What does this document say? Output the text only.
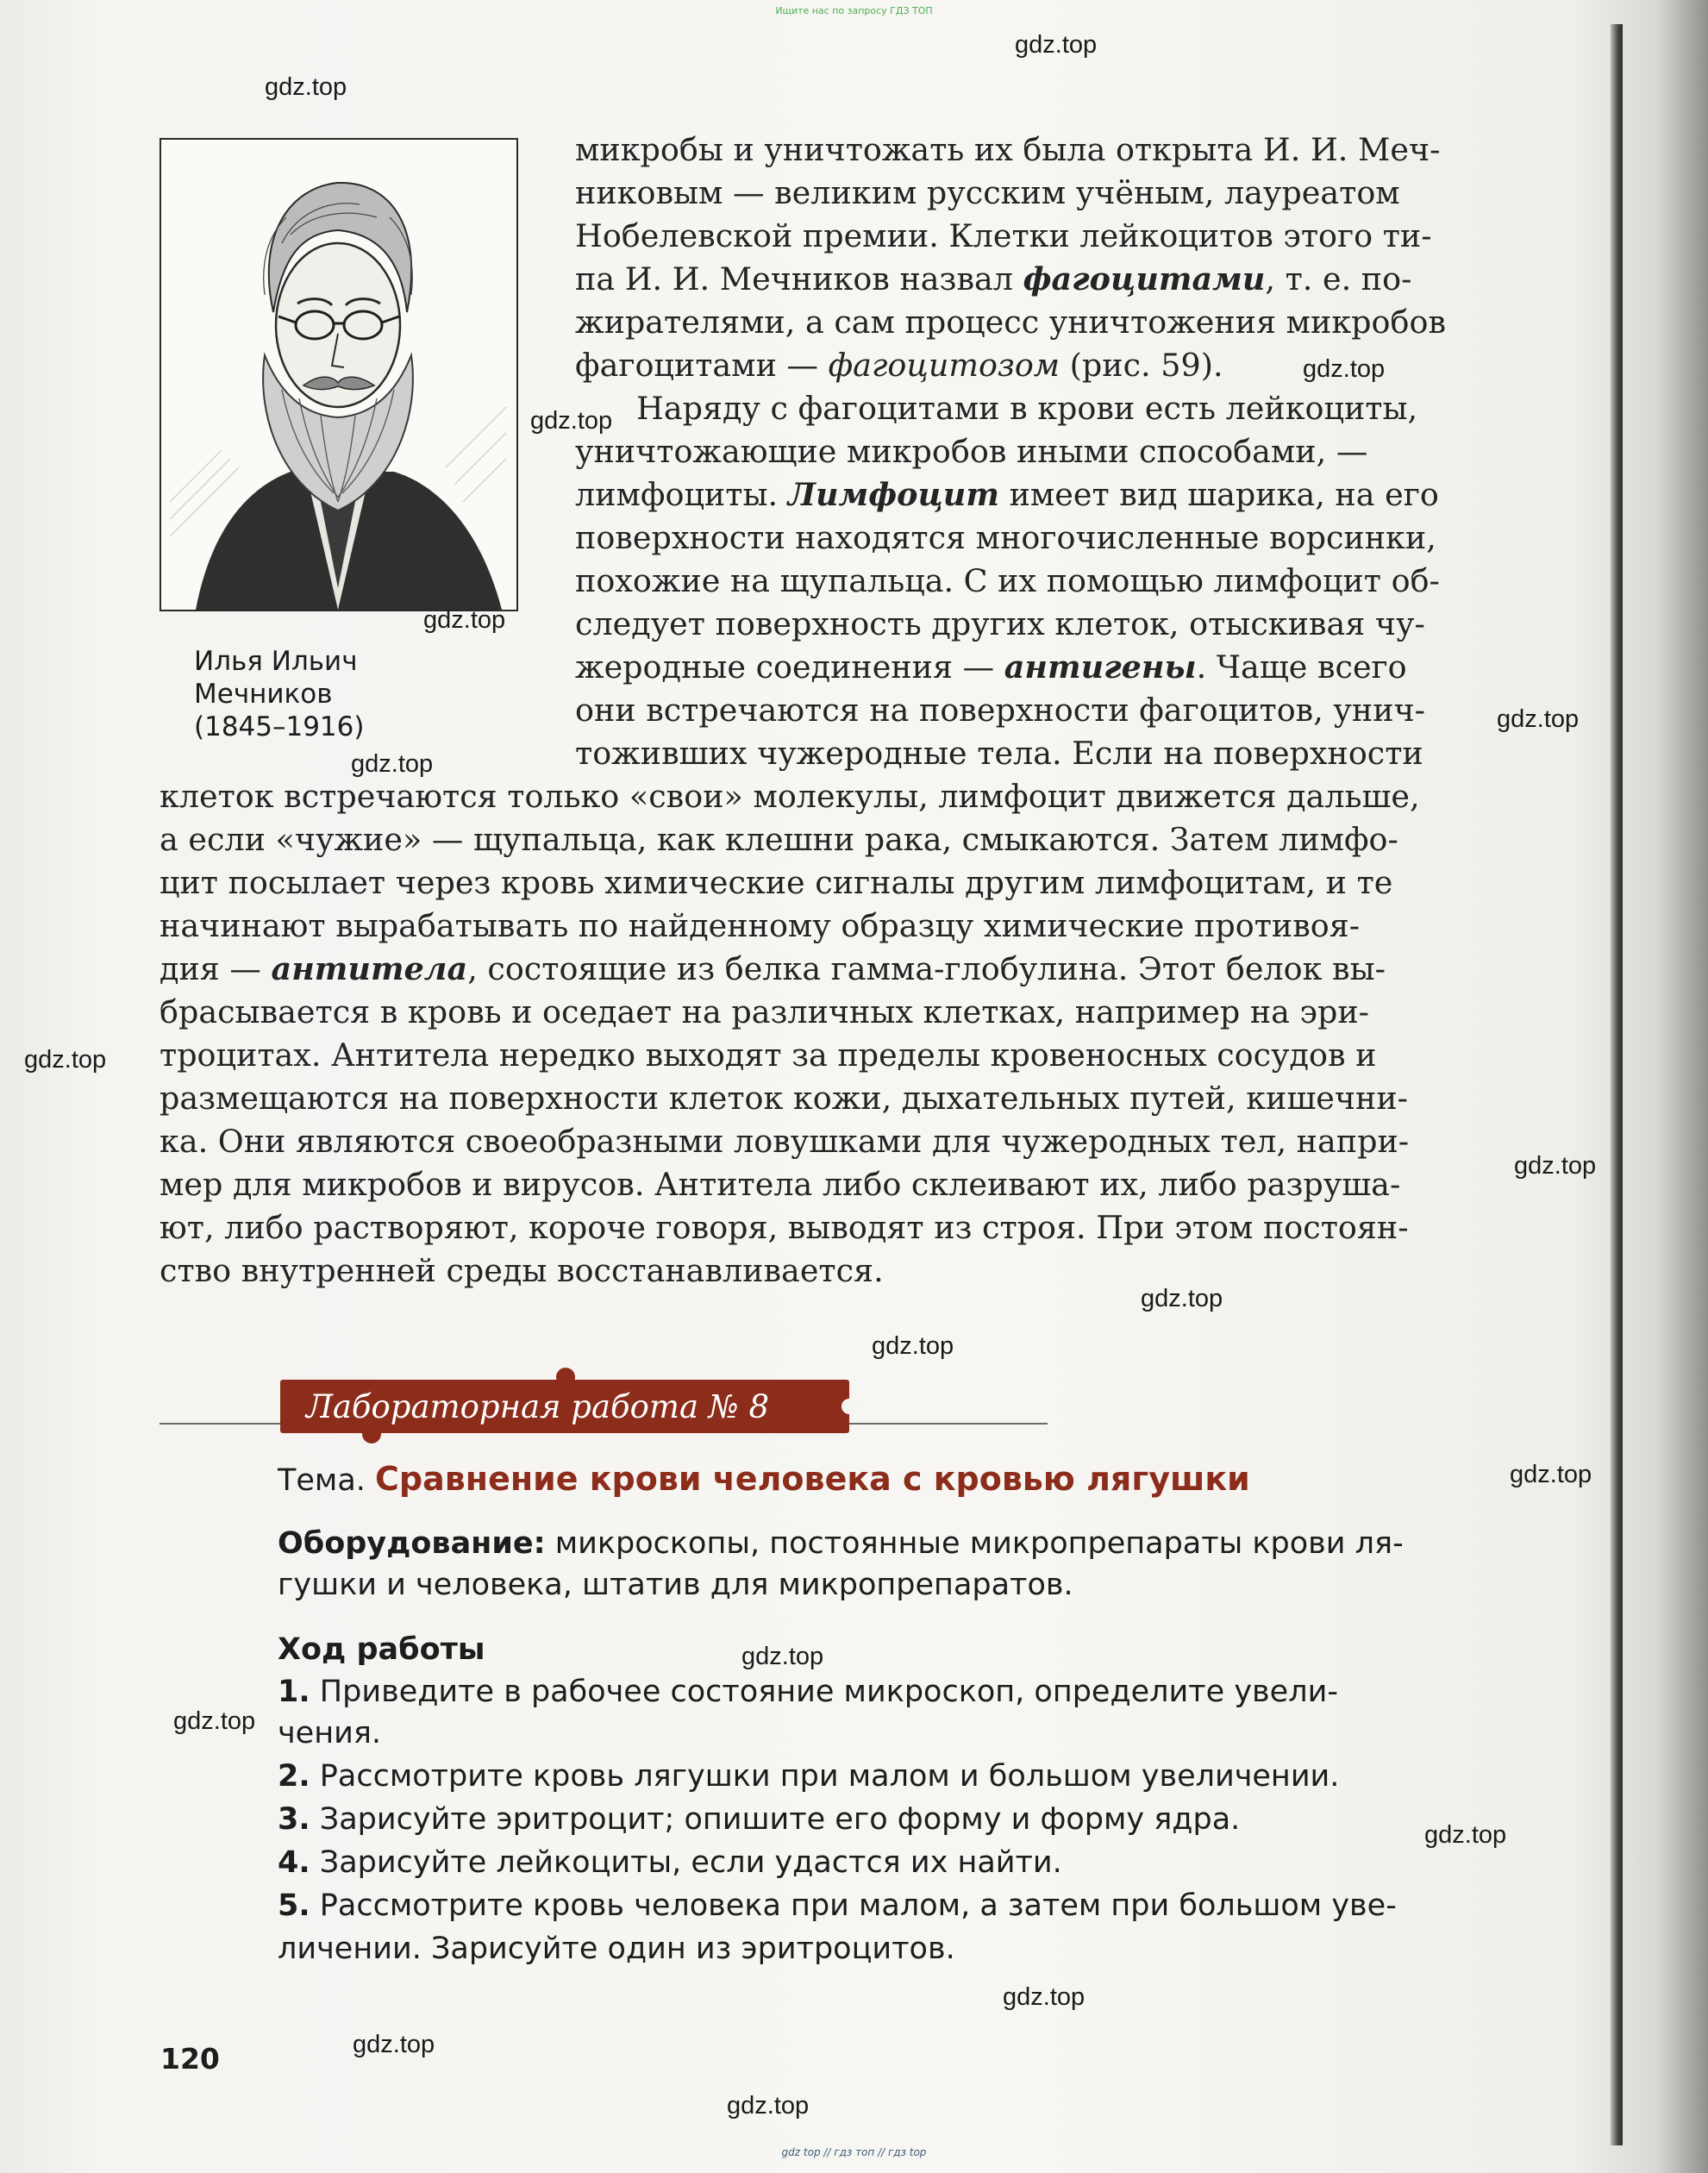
Ищите нас по запросу ГДЗ ТОП
Илья Ильич
Мечников
(1845–1916)
микробы и уничтожать их была открыта И. И. Меч-
никовым — великим русским учёным, лауреатом
Нобелевской премии. Клетки лейкоцитов этого ти-
па И. И. Мечников назвал фагоцитами, т. е. по-
жирателями, а сам процесс уничтожения микробов
фагоцитами — фагоцитозом (рис. 59).
Наряду с фагоцитами в крови есть лейкоциты,
уничтожающие микробов иными способами, —
лимфоциты. Лимфоцит имеет вид шарика, на его
поверхности находятся многочисленные ворсинки,
похожие на щупальца. С их помощью лимфоцит об-
следует поверхность других клеток, отыскивая чу-
жеродные соединения — антигены. Чаще всего
они встречаются на поверхности фагоцитов, унич-
тоживших чужеродные тела. Если на поверхности
клеток встречаются только «свои» молекулы, лимфоцит движется дальше,
а если «чужие» — щупальца, как клешни рака, смыкаются. Затем лимфо-
цит посылает через кровь химические сигналы другим лимфоцитам, и те
начинают вырабатывать по найденному образцу химические противоя-
дия — антитела, состоящие из белка гамма-глобулина. Этот белок вы-
брасывается в кровь и оседает на различных клетках, например на эри-
троцитах. Антитела нередко выходят за пределы кровеносных сосудов и
размещаются на поверхности клеток кожи, дыхательных путей, кишечни-
ка. Они являются своеобразными ловушками для чужеродных тел, напри-
мер для микробов и вирусов. Антитела либо склеивают их, либо разруша-
ют, либо растворяют, короче говоря, выводят из строя. При этом постоян-
ство внутренней среды восстанавливается.
Лабораторная работа № 8
Тема. Сравнение крови человека с кровью лягушки
Оборудование: микроскопы, постоянные микропрепараты крови ля-
гушки и человека, штатив для микропрепаратов.
Ход работы
1. Приведите в рабочее состояние микроскоп, определите увели-
чения.
2. Рассмотрите кровь лягушки при малом и большом увеличении.
3. Зарисуйте эритроцит; опишите его форму и форму ядра.
4. Зарисуйте лейкоциты, если удастся их найти.
5. Рассмотрите кровь человека при малом, а затем при большом уве-
личении. Зарисуйте один из эритроцитов.
120
gdz.top
gdz.top
gdz.top
gdz.top
gdz.top
gdz.top
gdz.top
gdz.top
gdz.top
gdz.top
gdz.top
gdz.top
gdz.top
gdz.top
gdz.top
gdz.top
gdz.top
gdz.top
gdz top // гдз топ // гдз top
